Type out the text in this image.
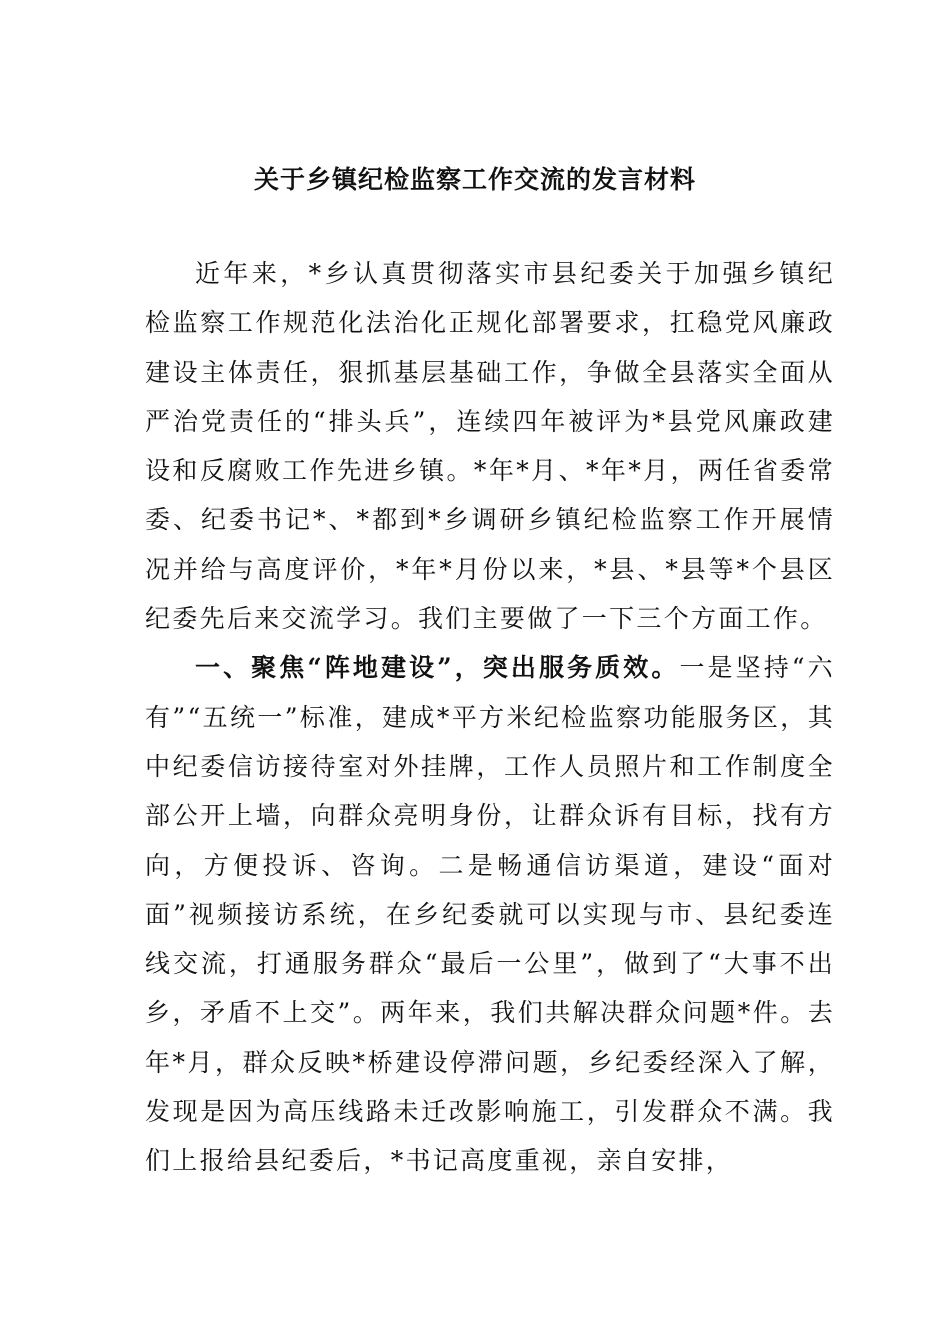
关于乡镇纪检监察工作交流的发言材料

近年来，*乡认真贯彻落实市县纪委关于加强乡镇纪检监察工作规范化法治化正规化部署要求，扛稳党风廉政建设主体责任，狠抓基层基础工作，争做全县落实全面从严治党责任的“排头兵”，连续四年被评为*县党风廉政建设和反腐败工作先进乡镇。*年*月、*年*月，两任省委常委、纪委书记*、*都到*乡调研乡镇纪检监察工作开展情况并给与高度评价，*年*月份以来，*县、*县等*个县区纪委先后来交流学习。我们主要做了一下三个方面工作。

一、聚焦“阵地建设”，突出服务质效。一是坚持“六有”“五统一”标准，建成*平方米纪检监察功能服务区，其中纪委信访接待室对外挂牌，工作人员照片和工作制度全部公开上墙，向群众亮明身份，让群众诉有目标，找有方向，方便投诉、咨询。二是畅通信访渠道，建设“面对面”视频接访系统，在乡纪委就可以实现与市、县纪委连线交流，打通服务群众“最后一公里”，做到了“大事不出乡，矛盾不上交”。两年来，我们共解决群众问题*件。去年*月，群众反映*桥建设停滞问题，乡纪委经深入了解，发现是因为高压线路未迁改影响施工，引发群众不满。我们上报给县纪委后，*书记高度重视，亲自安排，
